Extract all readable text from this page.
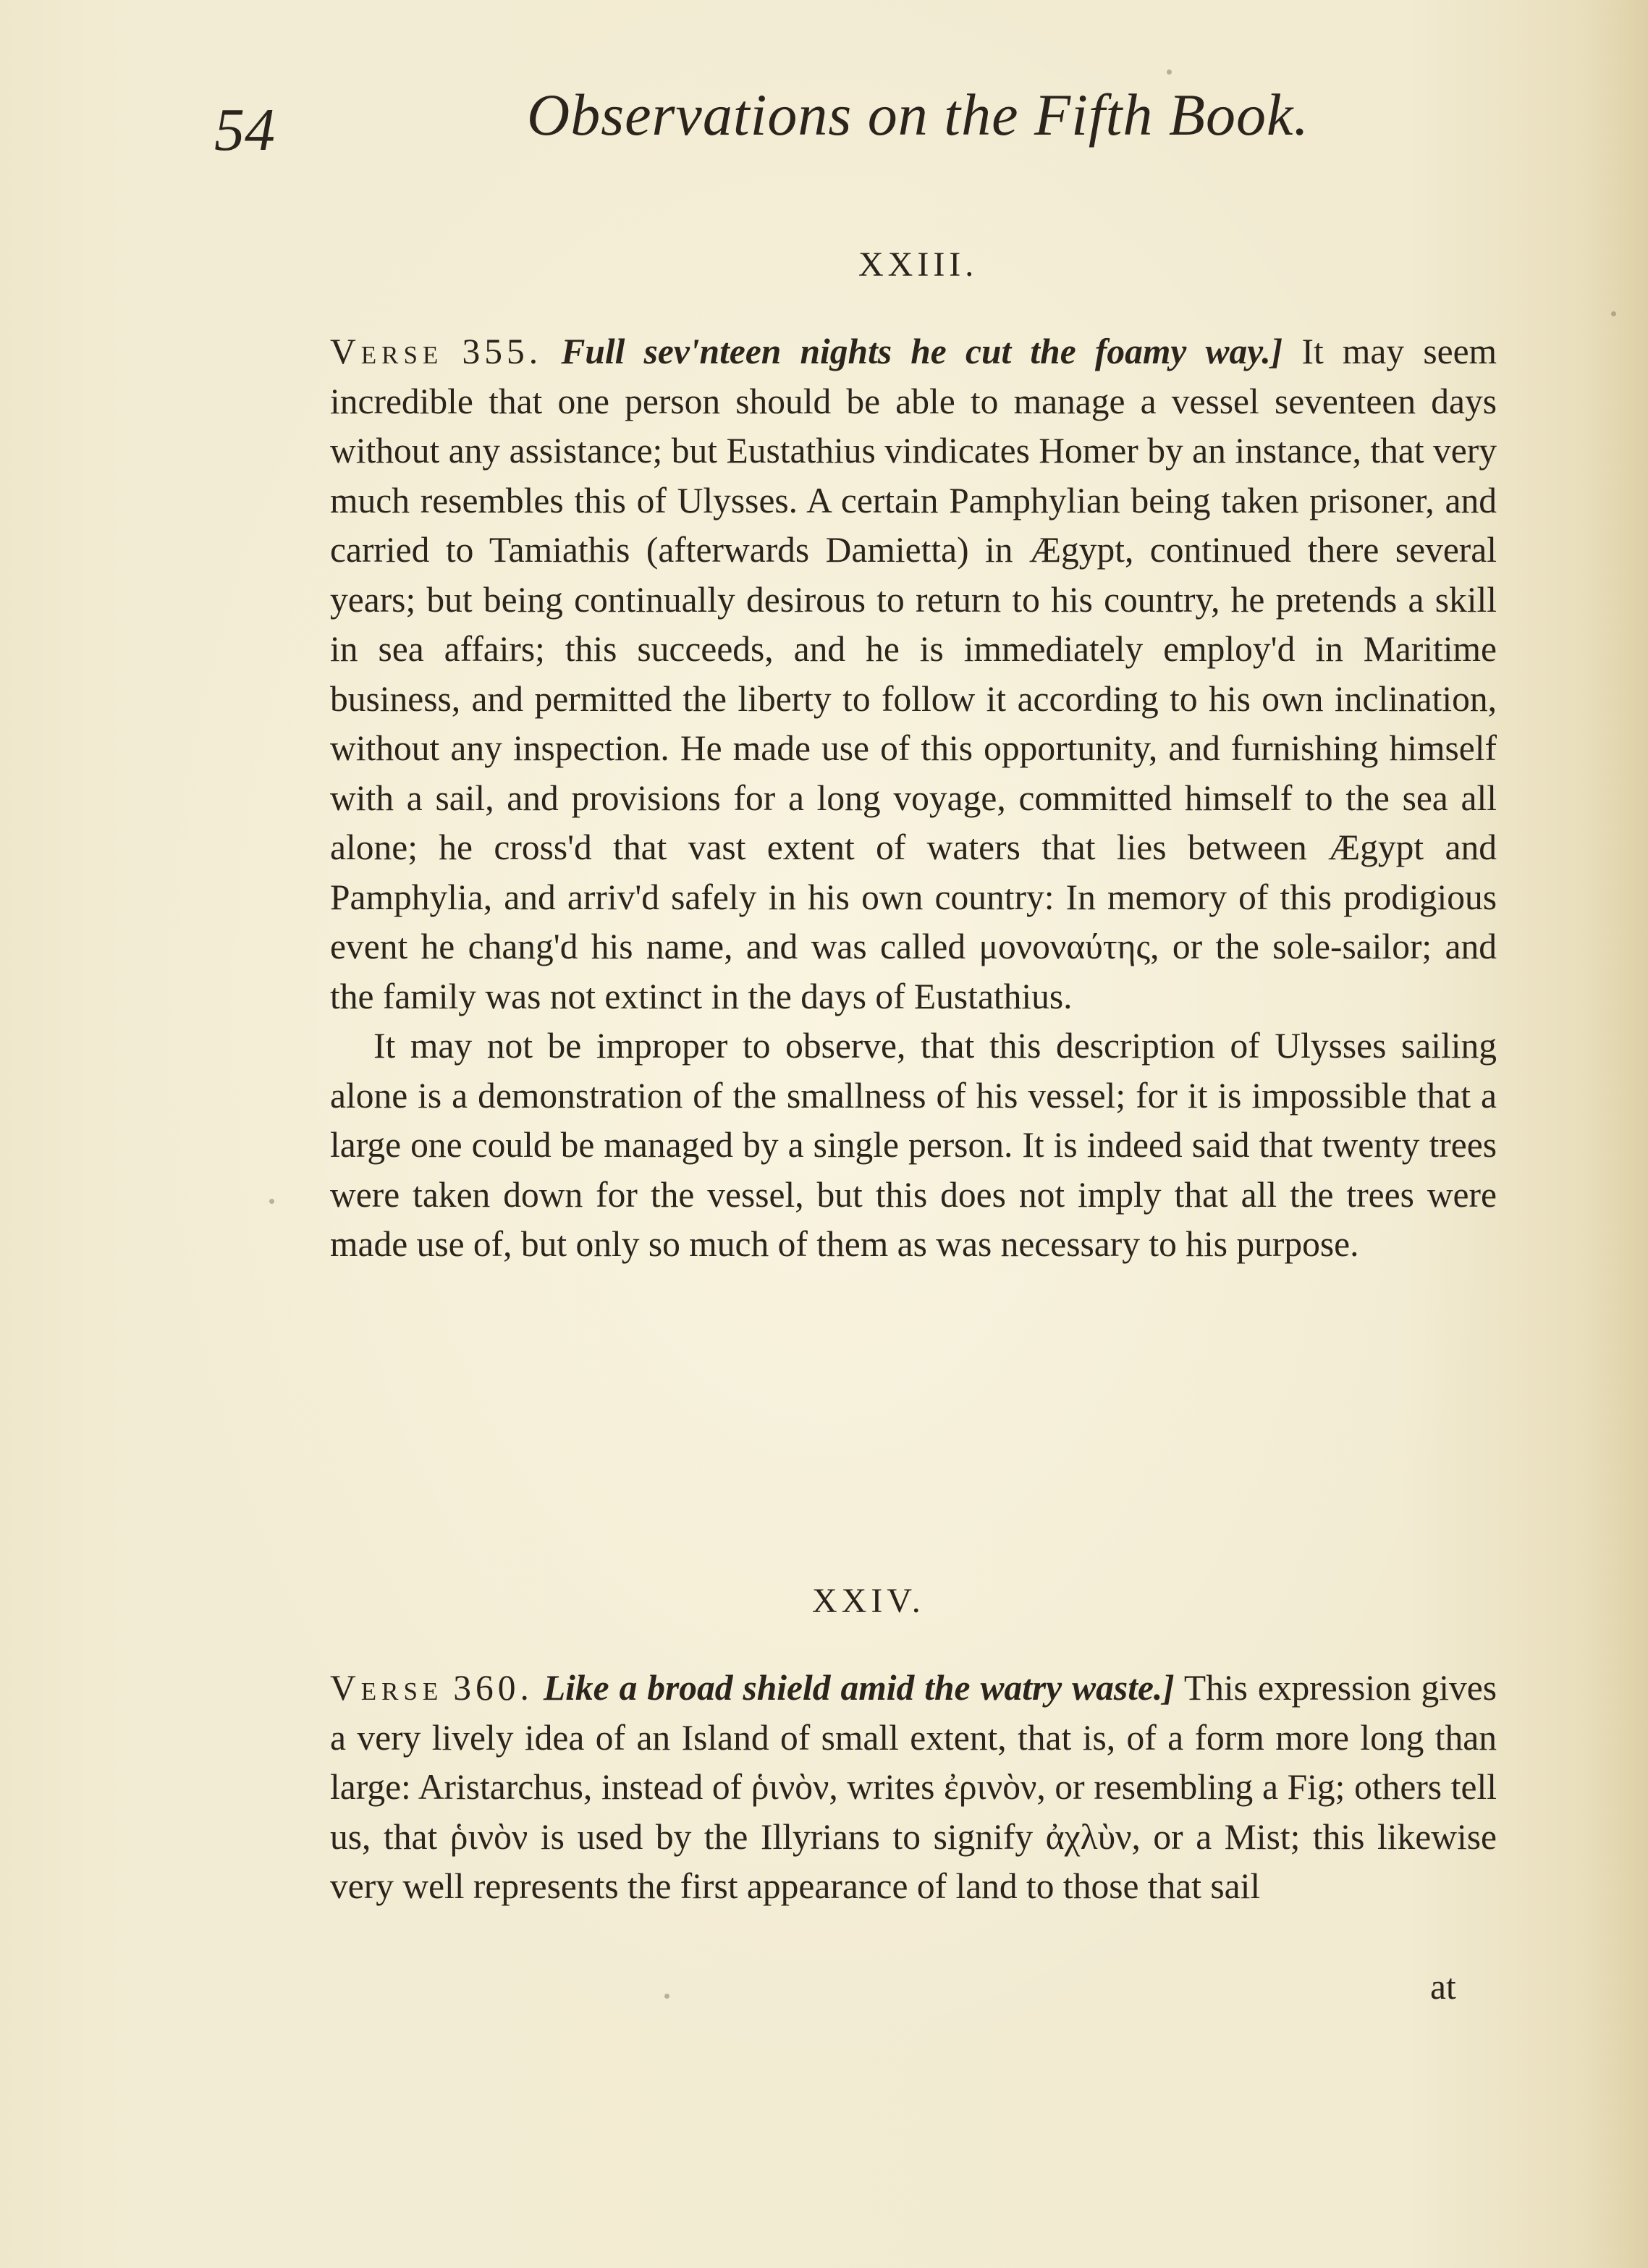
54	Observations on the Fifth Book.
XXIII.

Verse 355. Full sev'nteen nights he cut the foamy way.] It may seem incredible that one person should be able to manage a vessel seventeen days without any assistance; but Eustathius vindicates Homer by an instance, that very much resembles this of Ulysses. A certain Pamphylian being taken prisoner, and carried to Tamiathis (afterwards Damietta) in Ægypt, continued there several years; but being continually desirous to return to his country, he pretends a skill in sea affairs; this succeeds, and he is immediately employ'd in Maritime business, and permitted the liberty to follow it according to his own inclination, without any inspection. He made use of this opportunity, and furnishing himself with a sail, and provisions for a long voyage, committed himself to the sea all alone; he cross'd that vast extent of waters that lies between Ægypt and Pamphylia, and arriv'd safely in his own country: In memory of this prodigious event he chang'd his name, and was called μονοναύτης, or the sole-sailor; and the family was not extinct in the days of Eustathius.

It may not be improper to observe, that this description of Ulysses sailing alone is a demonstration of the smallness of his vessel; for it is impossible that a large one could be managed by a single person. It is indeed said that twenty trees were taken down for the vessel, but this does not imply that all the trees were made use of, but only so much of them as was necessary to his purpose.

XXIV.

Verse 360. Like a broad shield amid the watry waste.] This expression gives a very lively idea of an Island of small extent, that is, of a form more long than large: Aristarchus, instead of ῥινὸν, writes ἐρινὸν, or resembling a Fig; others tell us, that ῥινὸν is used by the Illyrians to signify ἀχλὺν, or a Mist; this likewise very well represents the first appearance of land to those that sail

at
